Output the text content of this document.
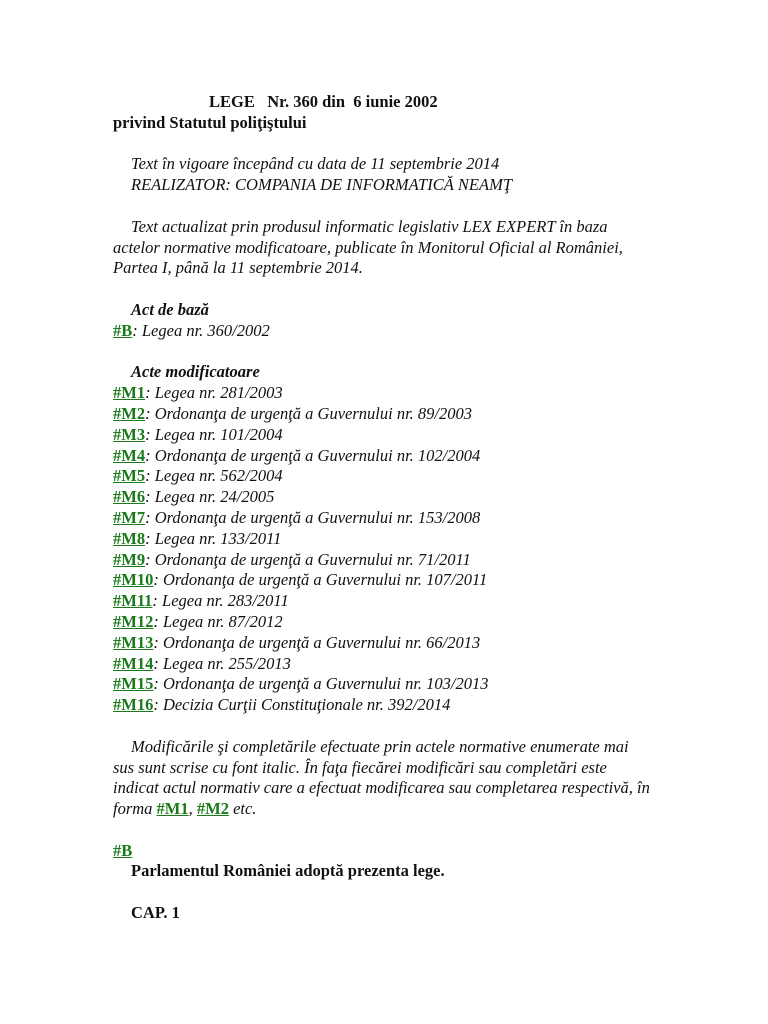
LEGE   Nr. 360 din  6 iunie 2002
privind Statutul poliţiştului
Text în vigoare începând cu data de 11 septembrie 2014
REALIZATOR: COMPANIA DE INFORMATICĂ NEAMŢ
Text actualizat prin produsul informatic legislativ LEX EXPERT în baza actelor normative modificatoare, publicate în Monitorul Oficial al României, Partea I, până la 11 septembrie 2014.
Act de bază
#B: Legea nr. 360/2002
Acte modificatoare
#M1: Legea nr. 281/2003
#M2: Ordonanţa de urgenţă a Guvernului nr. 89/2003
#M3: Legea nr. 101/2004
#M4: Ordonanţa de urgenţă a Guvernului nr. 102/2004
#M5: Legea nr. 562/2004
#M6: Legea nr. 24/2005
#M7: Ordonanţa de urgenţă a Guvernului nr. 153/2008
#M8: Legea nr. 133/2011
#M9: Ordonanţa de urgenţă a Guvernului nr. 71/2011
#M10: Ordonanţa de urgenţă a Guvernului nr. 107/2011
#M11: Legea nr. 283/2011
#M12: Legea nr. 87/2012
#M13: Ordonanţa de urgenţă a Guvernului nr. 66/2013
#M14: Legea nr. 255/2013
#M15: Ordonanţa de urgenţă a Guvernului nr. 103/2013
#M16: Decizia Curţii Constituţionale nr. 392/2014
Modificările şi completările efectuate prin actele normative enumerate mai sus sunt scrise cu font italic. În faţa fiecărei modificări sau completări este indicat actul normativ care a efectuat modificarea sau completarea respectivă, în forma #M1, #M2 etc.
#B
Parlamentul României adoptă prezenta lege.
CAP. 1
